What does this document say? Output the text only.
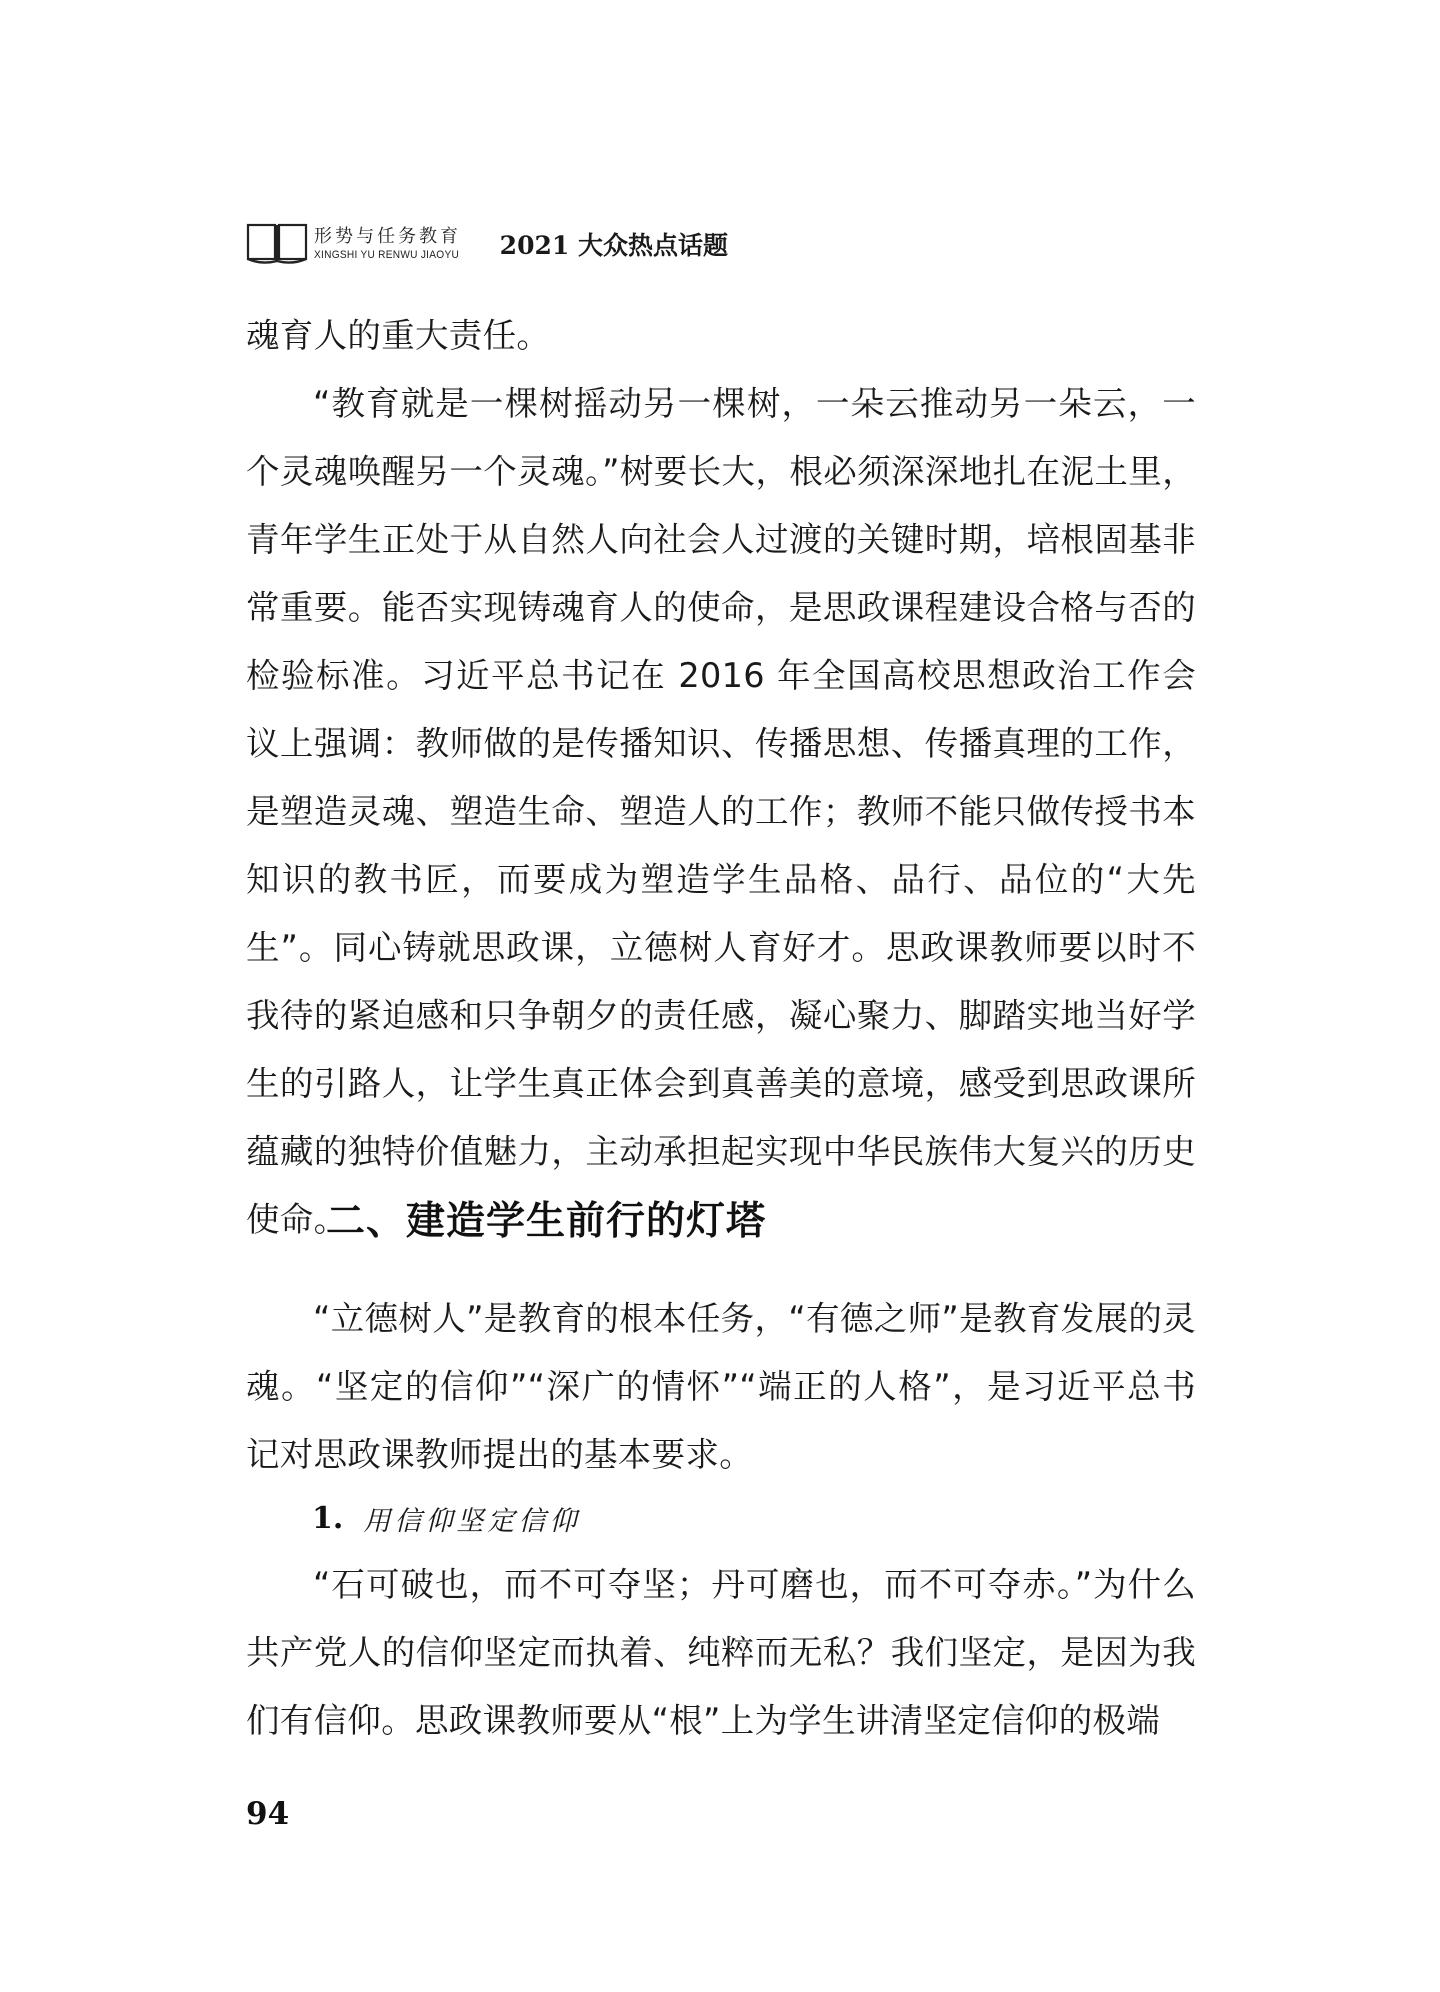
形势与任务教育
XINGSHI YU RENWU JIAOYU 2021 大众热点话题

魂育人的重大责任。

“教育就是一棵树摇动另一棵树，一朵云推动另一朵云，一个灵魂唤醒另一个灵魂。”树要长大，根必须深深地扎在泥土里，青年学生正处于从自然人向社会人过渡的关键时期，培根固基非常重要。能否实现铸魂育人的使命，是思政课程建设合格与否的检验标准。习近平总书记在 2016 年全国高校思想政治工作会议上强调：教师做的是传播知识、传播思想、传播真理的工作，是塑造灵魂、塑造生命、塑造人的工作；教师不能只做传授书本知识的教书匠，而要成为塑造学生品格、品行、品位的“大先生”。同心铸就思政课，立德树人育好才。思政课教师要以时不我待的紧迫感和只争朝夕的责任感，凝心聚力、脚踏实地当好学生的引路人，让学生真正体会到真善美的意境，感受到思政课所蕴藏的独特价值魅力，主动承担起实现中华民族伟大复兴的历史使命。

二、建造学生前行的灯塔

“立德树人”是教育的根本任务，“有德之师”是教育发展的灵魂。“坚定的信仰”“深广的情怀”“端正的人格”，是习近平总书记对思政课教师提出的基本要求。

1. 用信仰坚定信仰

“石可破也，而不可夺坚；丹可磨也，而不可夺赤。”为什么共产党人的信仰坚定而执着、纯粹而无私？我们坚定，是因为我们有信仰。思政课教师要从“根”上为学生讲清坚定信仰的极端

94
